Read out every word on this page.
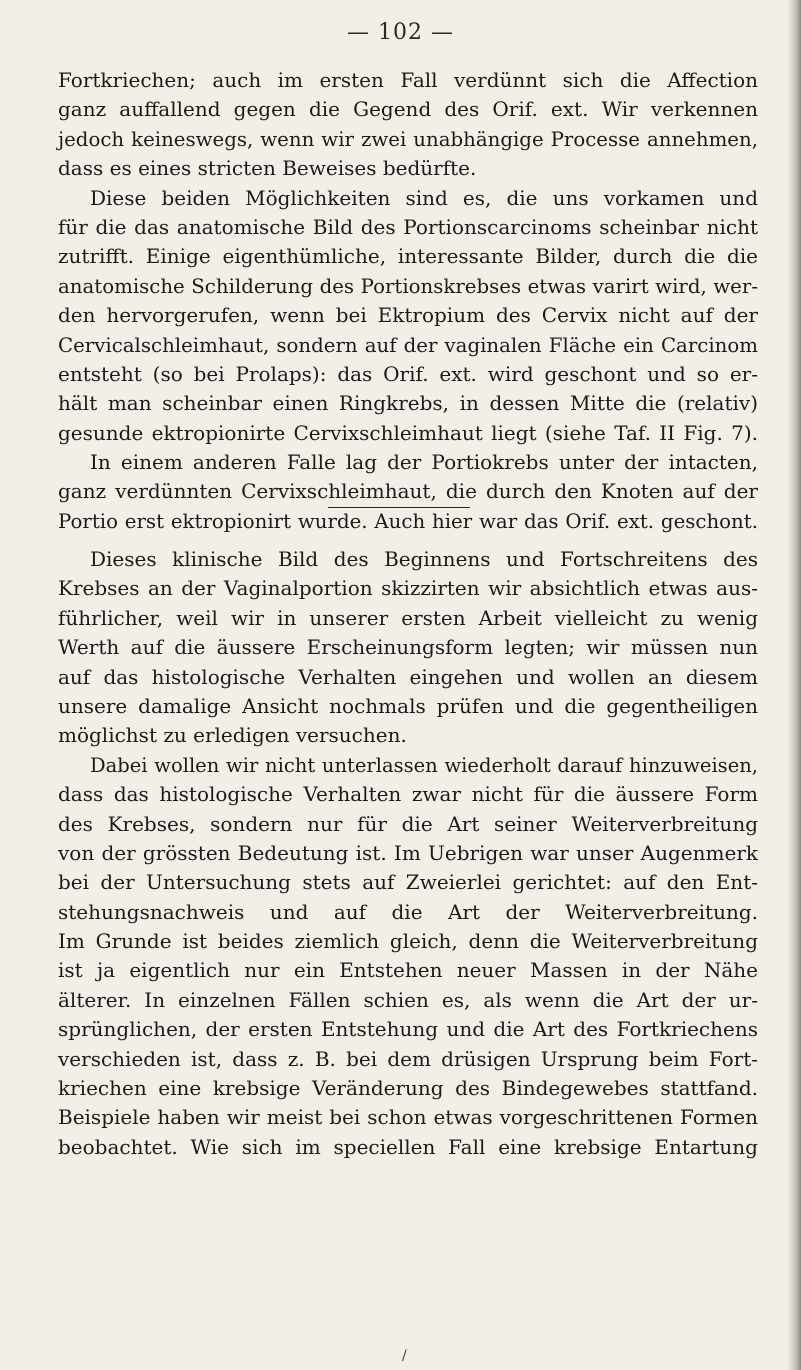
— 102 —
Fortkriechen; auch im ersten Fall verdünnt sich die Affection
ganz auffallend gegen die Gegend des Orif. ext. Wir verkennen
jedoch keineswegs, wenn wir zwei unabhängige Processe annehmen,
dass es eines stricten Beweises bedürfte.
Diese beiden Möglichkeiten sind es, die uns vorkamen und
für die das anatomische Bild des Portionscarcinoms scheinbar nicht
zutrifft. Einige eigenthümliche, interessante Bilder, durch die die
anatomische Schilderung des Portionskrebses etwas varirt wird, wer-
den hervorgerufen, wenn bei Ektropium des Cervix nicht auf der
Cervicalschleimhaut, sondern auf der vaginalen Fläche ein Carcinom
entsteht (so bei Prolaps): das Orif. ext. wird geschont und so er-
hält man scheinbar einen Ringkrebs, in dessen Mitte die (relativ)
gesunde ektropionirte Cervixschleimhaut liegt (siehe Taf. II Fig. 7).
In einem anderen Falle lag der Portiokrebs unter der intacten,
ganz verdünnten Cervixschleimhaut, die durch den Knoten auf der
Portio erst ektropionirt wurde. Auch hier war das Orif. ext. geschont.
Dieses klinische Bild des Beginnens und Fortschreitens des
Krebses an der Vaginalportion skizzirten wir absichtlich etwas aus-
führlicher, weil wir in unserer ersten Arbeit vielleicht zu wenig
Werth auf die äussere Erscheinungsform legten; wir müssen nun
auf das histologische Verhalten eingehen und wollen an diesem
unsere damalige Ansicht nochmals prüfen und die gegentheiligen
möglichst zu erledigen versuchen.
Dabei wollen wir nicht unterlassen wiederholt darauf hinzuweisen,
dass das histologische Verhalten zwar nicht für die äussere Form
des Krebses, sondern nur für die Art seiner Weiterverbreitung
von der grössten Bedeutung ist. Im Uebrigen war unser Augenmerk
bei der Untersuchung stets auf Zweierlei gerichtet: auf den Ent-
stehungsnachweis und auf die Art der Weiterverbreitung.
Im Grunde ist beides ziemlich gleich, denn die Weiterverbreitung
ist ja eigentlich nur ein Entstehen neuer Massen in der Nähe
älterer. In einzelnen Fällen schien es, als wenn die Art der ur-
sprünglichen, der ersten Entstehung und die Art des Fortkriechens
verschieden ist, dass z. B. bei dem drüsigen Ursprung beim Fort-
kriechen eine krebsige Veränderung des Bindegewebes stattfand.
Beispiele haben wir meist bei schon etwas vorgeschrittenen Formen
beobachtet. Wie sich im speciellen Fall eine krebsige Entartung
/
